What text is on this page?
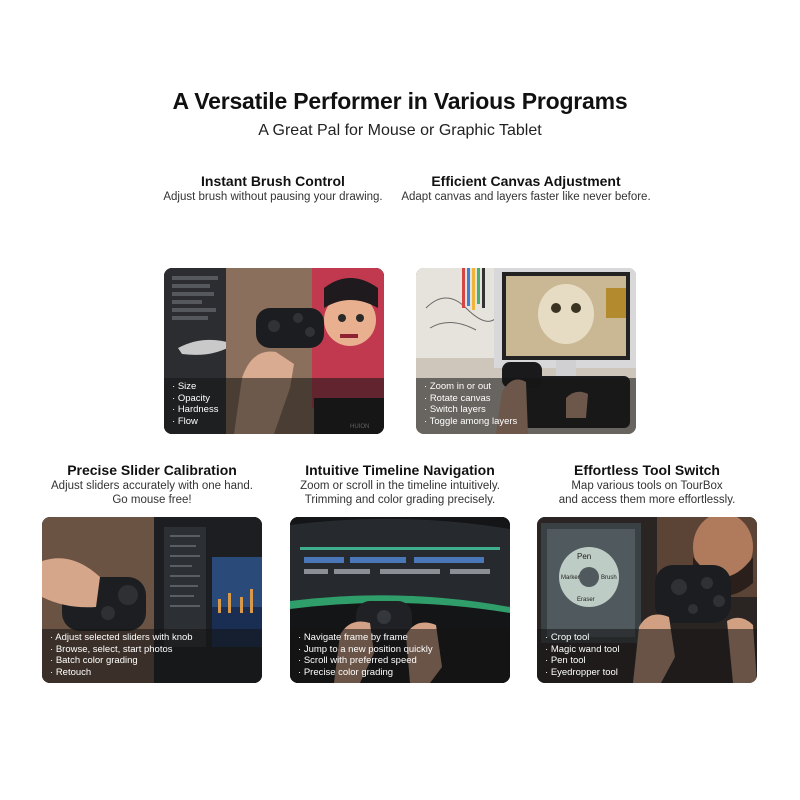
A Versatile Performer in Various Programs
A Great Pal for Mouse or Graphic Tablet
Instant Brush Control

Adjust brush without pausing your drawing.

Efficient Canvas Adjustment

Adapt canvas and layers faster like never before.

· Size
· Opacity
· Hardness
· Flow
· Zoom in or out
· Rotate canvas
· Switch layers
· Toggle among layers
Precise Slider Calibration

Adjust sliders accurately with one hand.

Go mouse free!

Intuitive Timeline Navigation

Zoom or scroll in the timeline intuitively.

Trimming and color grading precisely.

Effortless Tool Switch

Map various tools on TourBox

and access them more effortlessly.

· Adjust selected sliders with knob
· Browse, select, start photos
· Batch color grading
· Retouch
· Navigate frame by frame
· Jump to a new position quickly
· Scroll with preferred speed
· Precise color grading
Pen
Marker	Brush
Eraser
· Crop tool
· Magic wand tool
· Pen tool
· Eyedropper tool
